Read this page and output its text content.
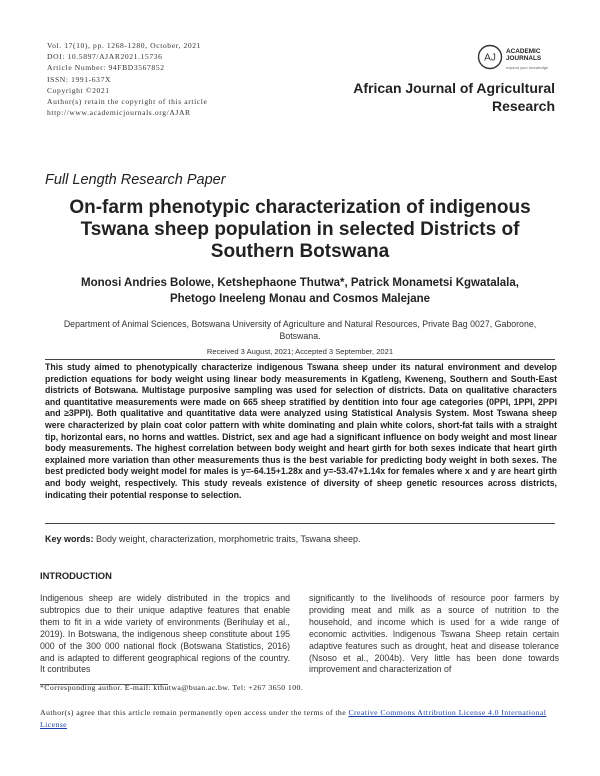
Vol. 17(10), pp. 1268-1280, October, 2021
DOI: 10.5897/AJAR2021.15736
Article Number: 94FBD3567852
ISSN: 1991-637X
Copyright ©2021
Author(s) retain the copyright of this article
http://www.academicjournals.org/AJAR
AJ
ACADEMIC
JOURNALS
expand your knowledge
African Journal of Agricultural Research
Full Length Research Paper
On-farm phenotypic characterization of indigenous Tswana sheep population in selected Districts of Southern Botswana
Monosi Andries Bolowe, Ketshephaone Thutwa*, Patrick Monametsi Kgwatalala,
Phetogo Ineeleng Monau and Cosmos Malejane
Department of Animal Sciences, Botswana University of Agriculture and Natural Resources, Private Bag 0027, Gaborone, Botswana.
Received 3 August, 2021; Accepted 3 September, 2021
This study aimed to phenotypically characterize indigenous Tswana sheep under its natural environment and develop prediction equations for body weight using linear body measurements in Kgatleng, Kweneng, Southern and South-East districts of Botswana. Multistage purposive sampling was used for selection of districts. Data on qualitative characters and quantitative measurements were made on 665 sheep stratified by dentition into four age categories (0PPI, 1PPI, 2PPI and ≥3PPI). Both qualitative and quantitative data were analyzed using Statistical Analysis System. Most Tswana sheep were characterized by plain coat color pattern with white dominating and plain white colors, short-fat tails with a straight tip, horizontal ears, no horns and wattles. District, sex and age had a significant influence on body weight and most linear body measurements. The highest correlation between body weight and heart girth for both sexes indicate that heart girth explained more variation than other measurements thus is the best variable for predicting body weight in both sexes. The best predicted body weight model for males is y=-64.15+1.28x and y=-53.47+1.14x for females where x and y are heart girth and body weight, respectively. This study reveals existence of diversity of sheep genetic resources across districts, indicating their potential response to selection.
Key words: Body weight, characterization, morphometric traits, Tswana sheep.
INTRODUCTION
Indigenous sheep are widely distributed in the tropics and subtropics due to their unique adaptive features that enable them to fit in a wide variety of environments (Berihulay et al., 2019). In Botswana, the indigenous sheep constitute about 195 000 of the 300 000 national flock (Botswana Statistics, 2016) and is adapted to different geographical regions of the country. It contributes
significantly to the livelihoods of resource poor farmers by providing meat and milk as a source of nutrition to the household, and income which is used for a wide range of economic activities. Indigenous Tswana Sheep retain certain adaptive features such as drought, heat and disease tolerance (Nsoso et al., 2004b). Very little has been done towards improvement and characterization of
*Corresponding author. E-mail: kthutwa@buan.ac.bw. Tel: +267 3650 100.
Author(s) agree that this article remain permanently open access under the terms of the Creative Commons Attribution License 4.0 International License
